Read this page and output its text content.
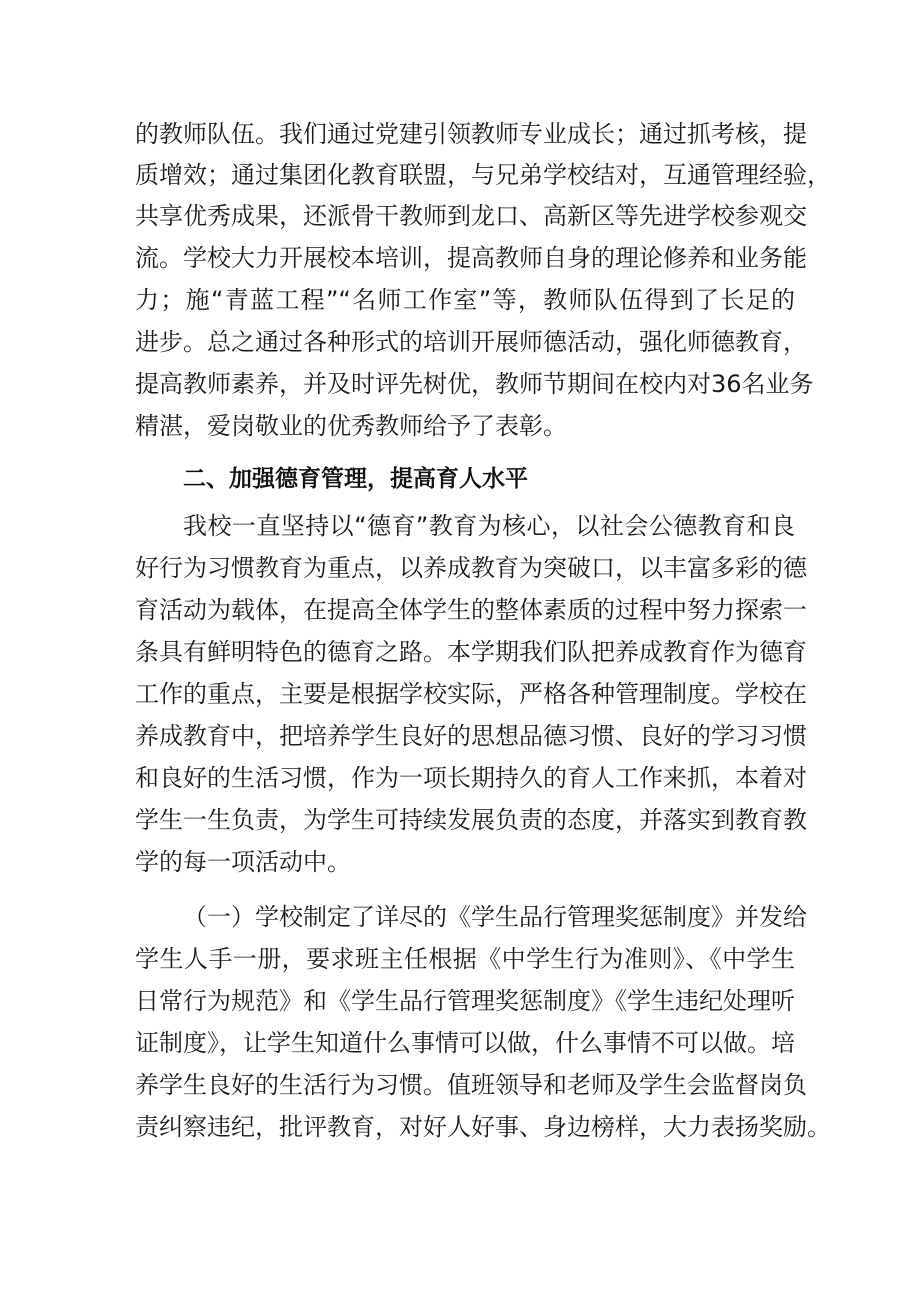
的教师队伍。我们通过党建引领教师专业成长；通过抓考核，提
质增效；通过集团化教育联盟，与兄弟学校结对，互通管理经验，
共享优秀成果，还派骨干教师到龙口、高新区等先进学校参观交
流。学校大力开展校本培训，提高教师自身的理论修养和业务能
力；施“青蓝工程”“名师工作室”等，教师队伍得到了长足的
进步。总之通过各种形式的培训开展师德活动，强化师德教育，
提高教师素养，并及时评先树优，教师节期间在校内对36名业务
精湛，爱岗敬业的优秀教师给予了表彰。
二、加强德育管理，提高育人水平
我校一直坚持以“德育”教育为核心，以社会公德教育和良
好行为习惯教育为重点，以养成教育为突破口，以丰富多彩的德
育活动为载体，在提高全体学生的整体素质的过程中努力探索一
条具有鲜明特色的德育之路。本学期我们队把养成教育作为德育
工作的重点，主要是根据学校实际，严格各种管理制度。学校在
养成教育中，把培养学生良好的思想品德习惯、良好的学习习惯
和良好的生活习惯，作为一项长期持久的育人工作来抓，本着对
学生一生负责，为学生可持续发展负责的态度，并落实到教育教
学的每一项活动中。
（一）学校制定了详尽的《学生品行管理奖惩制度》并发给
学生人手一册，要求班主任根据《中学生行为准则》、《中学生
日常行为规范》和《学生品行管理奖惩制度》《学生违纪处理听
证制度》，让学生知道什么事情可以做，什么事情不可以做。培
养学生良好的生活行为习惯。值班领导和老师及学生会监督岗负
责纠察违纪，批评教育，对好人好事、身边榜样，大力表扬奖励。
